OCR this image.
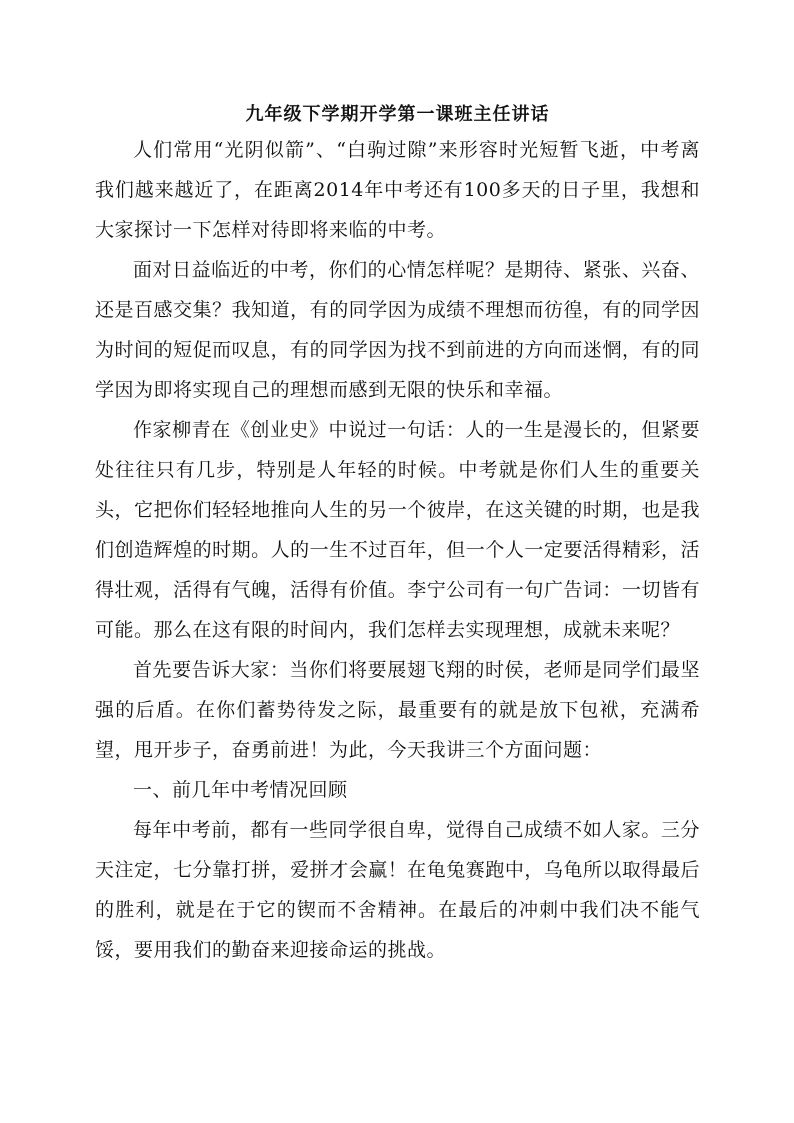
九年级下学期开学第一课班主任讲话

人们常用“光阴似箭”、“白驹过隙”来形容时光短暂飞逝，中考离我们越来越近了，在距离2014年中考还有100多天的日子里，我想和大家探讨一下怎样对待即将来临的中考。

面对日益临近的中考，你们的心情怎样呢？是期待、紧张、兴奋、还是百感交集？我知道，有的同学因为成绩不理想而彷徨，有的同学因为时间的短促而叹息，有的同学因为找不到前进的方向而迷惘，有的同学因为即将实现自己的理想而感到无限的快乐和幸福。

作家柳青在《创业史》中说过一句话：人的一生是漫长的，但紧要处往往只有几步，特别是人年轻的时候。中考就是你们人生的重要关头，它把你们轻轻地推向人生的另一个彼岸，在这关键的时期，也是我们创造辉煌的时期。人的一生不过百年，但一个人一定要活得精彩，活得壮观，活得有气魄，活得有价值。李宁公司有一句广告词：一切皆有可能。那么在这有限的时间内，我们怎样去实现理想，成就未来呢？

首先要告诉大家：当你们将要展翅飞翔的时侯，老师是同学们最坚强的后盾。在你们蓄势待发之际，最重要有的就是放下包袱，充满希望，甩开步子，奋勇前进！为此，今天我讲三个方面问题：

一、前几年中考情况回顾

每年中考前，都有一些同学很自卑，觉得自己成绩不如人家。三分天注定，七分靠打拼，爱拼才会赢！在龟兔赛跑中，乌龟所以取得最后的胜利，就是在于它的锲而不舍精神。在最后的冲刺中我们决不能气馁，要用我们的勤奋来迎接命运的挑战。
